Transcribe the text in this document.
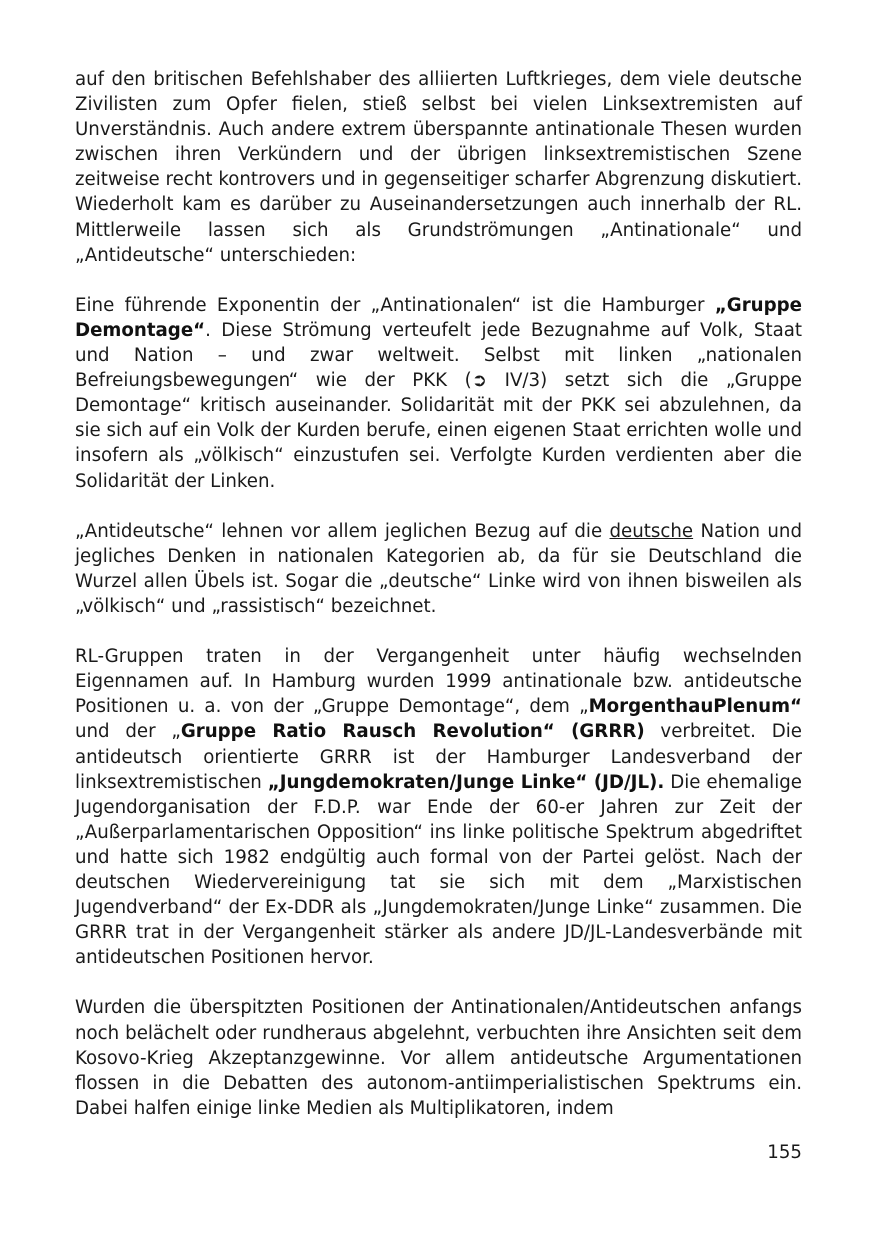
auf den britischen Befehlshaber des alliierten Luftkrieges, dem viele deutsche Zivilisten zum Opfer fielen, stieß selbst bei vielen Linksextremisten auf Unverständnis. Auch andere extrem überspannte antinationale Thesen wurden zwischen ihren Verkündern und der übrigen linksextremistischen Szene zeitweise recht kontrovers und in gegenseitiger scharfer Abgrenzung diskutiert. Wiederholt kam es darüber zu Auseinandersetzungen auch innerhalb der RL. Mittlerweile lassen sich als Grundströmungen „Antinationale“ und „Antideutsche“ unterschieden:

Eine führende Exponentin der „Antinationalen“ ist die Hamburger „Gruppe Demontage“. Diese Strömung verteufelt jede Bezugnahme auf Volk, Staat und Nation – und zwar weltweit. Selbst mit linken „nationalen Befreiungsbewegungen“ wie der PKK (➲ IV/3) setzt sich die „Gruppe Demontage“ kritisch auseinander. Solidarität mit der PKK sei abzulehnen, da sie sich auf ein Volk der Kurden berufe, einen eigenen Staat errichten wolle und insofern als „völkisch“ einzustufen sei. Verfolgte Kurden verdienten aber die Solidarität der Linken.

„Antideutsche“ lehnen vor allem jeglichen Bezug auf die deutsche Nation und jegliches Denken in nationalen Kategorien ab, da für sie Deutschland die Wurzel allen Übels ist. Sogar die „deutsche“ Linke wird von ihnen bisweilen als „völkisch“ und „rassistisch“ bezeichnet.

RL-Gruppen traten in der Vergangenheit unter häufig wechselnden Eigennamen auf. In Hamburg wurden 1999 antinationale bzw. antideutsche Positionen u. a. von der „Gruppe Demontage“, dem „MorgenthauPlenum“ und der „Gruppe Ratio Rausch Revolution“ (GRRR) verbreitet. Die antideutsch orientierte GRRR ist der Hamburger Landesverband der linksextremistischen „Jungdemokraten/Junge Linke“ (JD/JL). Die ehemalige Jugendorganisation der F.D.P. war Ende der 60-er Jahren zur Zeit der „Außerparlamentarischen Opposition“ ins linke politische Spektrum abgedriftet und hatte sich 1982 endgültig auch formal von der Partei gelöst. Nach der deutschen Wiedervereinigung tat sie sich mit dem „Marxistischen Jugendverband“ der Ex-DDR als „Jungdemokraten/Junge Linke“ zusammen. Die GRRR trat in der Vergangenheit stärker als andere JD/JL-Landesverbände mit antideutschen Positionen hervor.

Wurden die überspitzten Positionen der Antinationalen/Antideutschen anfangs noch belächelt oder rundheraus abgelehnt, verbuchten ihre Ansichten seit dem Kosovo-Krieg Akzeptanzgewinne. Vor allem antideutsche Argumentationen flossen in die Debatten des autonom-antiimperialistischen Spektrums ein. Dabei halfen einige linke Medien als Multiplikatoren, indem

155
